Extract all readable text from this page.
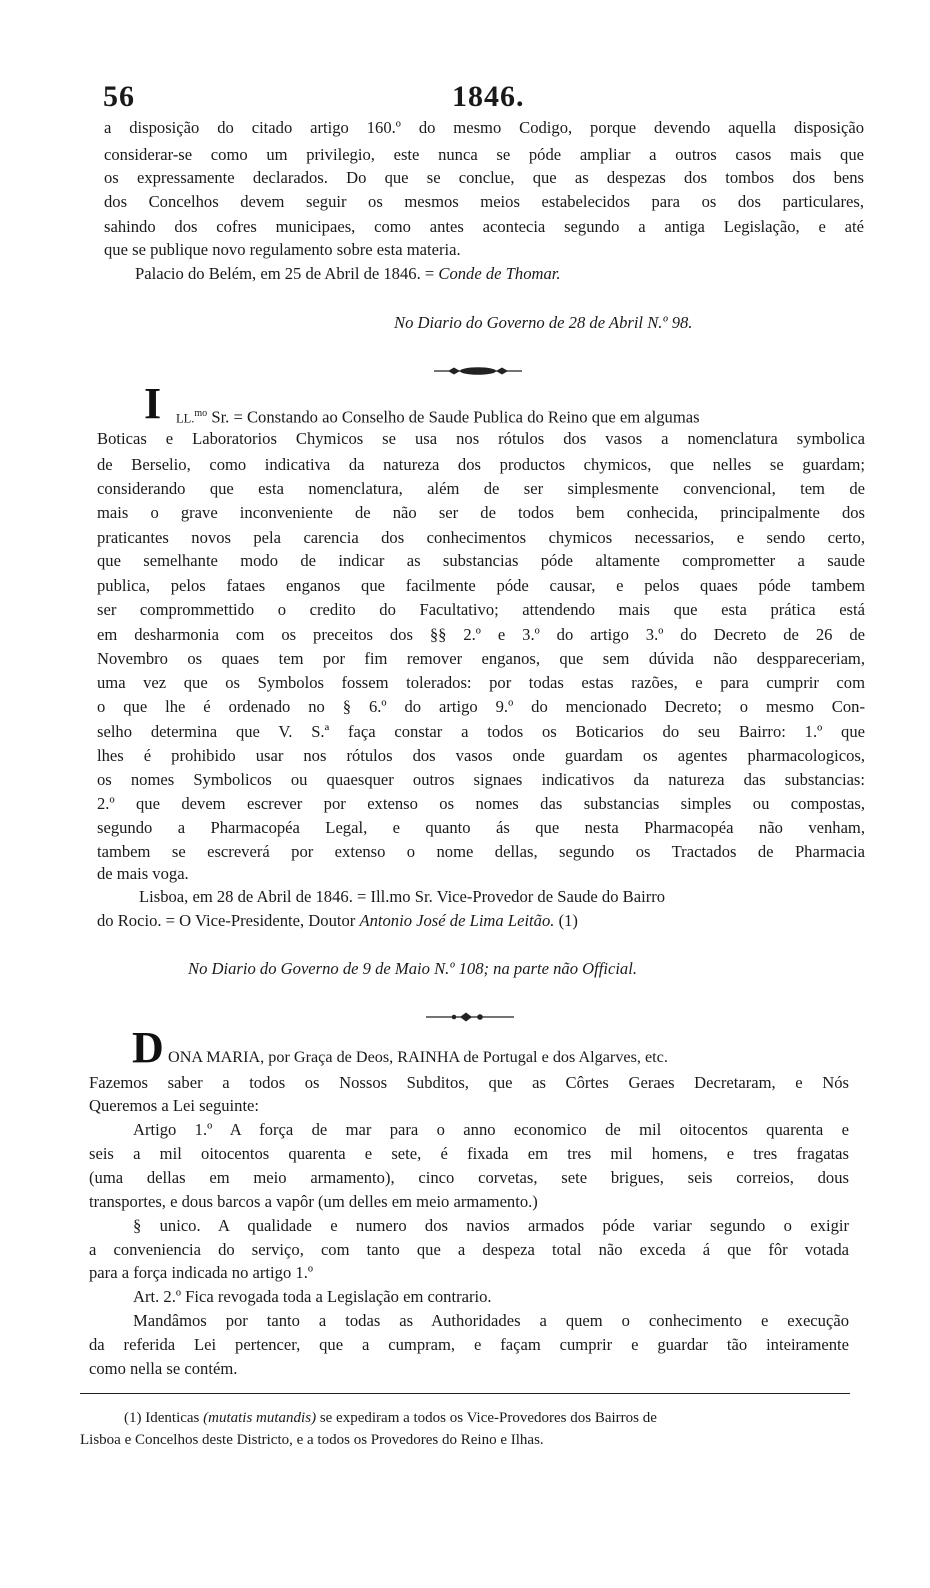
56	1846.
a disposição do citado artigo 160.º do mesmo Codigo, porque devendo aquella disposição
considerar-se como um privilegio, este nunca se póde ampliar a outros casos mais que
os expressamente declarados. Do que se conclue, que as despezas dos tombos dos bens
dos Concelhos devem seguir os mesmos meios estabelecidos para os dos particulares,
sahindo dos cofres municipaes, como antes acontecia segundo a antiga Legislação, e até
que se publique novo regulamento sobre esta materia.
Palacio do Belém, em 25 de Abril de 1846. = Conde de Thomar.
No Diario do Governo de 28 de Abril N.º 98.
I LL.$^{mo}$ Sr. = Constando ao Conselho de Saude Publica do Reino que em algumas
Boticas e Laboratorios Chymicos se usa nos rótulos dos vasos a nomenclatura symbolica
de Berselio, como indicativa da natureza dos productos chymicos, que nelles se guardam;
considerando que esta nomenclatura, além de ser simplesmente convencional, tem de
mais o grave inconveniente de não ser de todos bem conhecida, principalmente dos
praticantes novos pela carencia dos conhecimentos chymicos necessarios, e sendo certo,
que semelhante modo de indicar as substancias póde altamente comprometter a saude
publica, pelos fataes enganos que facilmente póde causar, e pelos quaes póde tambem
ser comprommettido o credito do Facultativo; attendendo mais que esta prática está
em desharmonia com os preceitos dos §§ 2.º e 3.º do artigo 3.º do Decreto de 26 de
Novembro os quaes tem por fim remover enganos, que sem dúvida não desppareceriam,
uma vez que os Symbolos fossem tolerados: por todas estas razões, e para cumprir com
o que lhe é ordenado no § 6.º do artigo 9.º do mencionado Decreto; o mesmo Con-
selho determina que V. S.ª faça constar a todos os Boticarios do seu Bairro: 1.º que
lhes é prohibido usar nos rótulos dos vasos onde guardam os agentes pharmacologicos,
os nomes Symbolicos ou quaesquer outros signaes indicativos da natureza das substancias:
2.º que devem escrever por extenso os nomes das substancias simples ou compostas,
segundo a Pharmacopéa Legal, e quanto ás que nesta Pharmacopéa não venham,
tambem se escreverá por extenso o nome dellas, segundo os Tractados de Pharmacia
de mais voga.
Lisboa, em 28 de Abril de 1846. = Ill.mo Sr. Vice-Provedor de Saude do Bairro
do Rocio. = O Vice-Presidente, Doutor Antonio José de Lima Leitão. (1)
No Diario do Governo de 9 de Maio N.º 108; na parte não Official.
D ONA MARIA, por Graça de Deos, RAINHA de Portugal e dos Algarves, etc.
Fazemos saber a todos os Nossos Subditos, que as Côrtes Geraes Decretaram, e Nós
Queremos a Lei seguinte:
Artigo 1.º A força de mar para o anno economico de mil oitocentos quarenta e
seis a mil oitocentos quarenta e sete, é fixada em tres mil homens, e tres fragatas
(uma dellas em meio armamento), cinco corvetas, sete brigues, seis correios, dous
transportes, e dous barcos a vapôr (um delles em meio armamento.)
§ unico. A qualidade e numero dos navios armados póde variar segundo o exigir
a conveniencia do serviço, com tanto que a despeza total não exceda á que fôr votada
para a força indicada no artigo 1.º
Art. 2.º Fica revogada toda a Legislação em contrario.
Mandâmos por tanto a todas as Authoridades a quem o conhecimento e execução
da referida Lei pertencer, que a cumpram, e façam cumprir e guardar tão inteiramente
como nella se contém.
(1) Identicas (mutatis mutandis) se expediram a todos os Vice-Provedores dos Bairros de
Lisboa e Concelhos deste Districto, e a todos os Provedores do Reino e Ilhas.
